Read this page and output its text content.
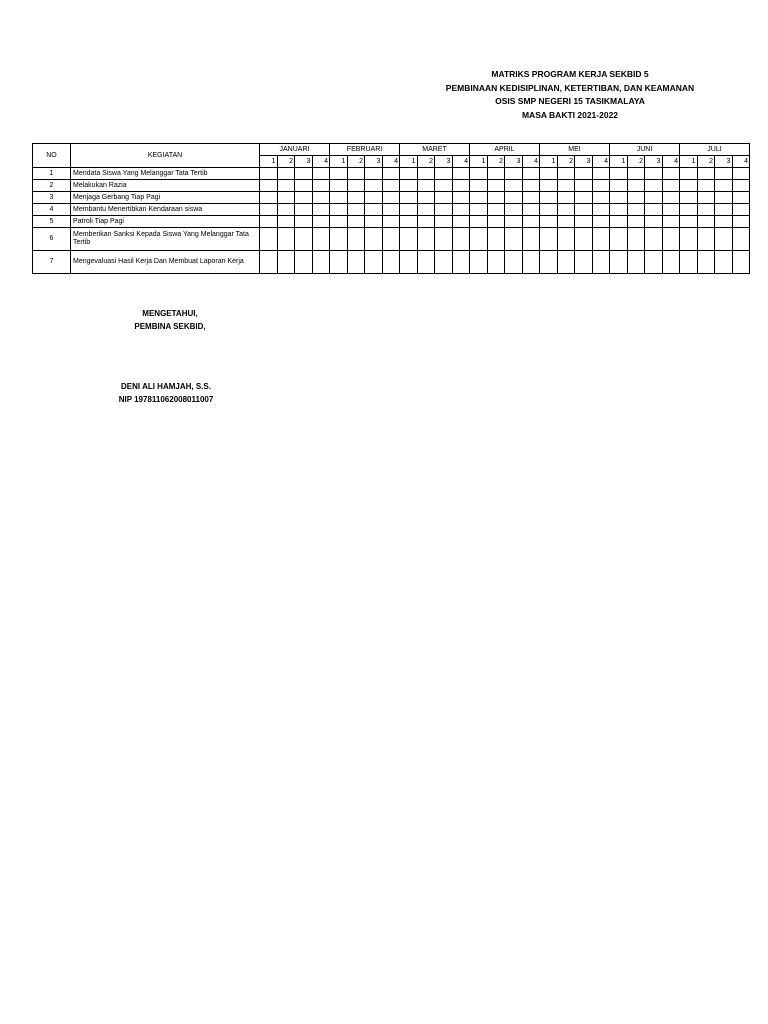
MATRIKS PROGRAM KERJA SEKBID 5
PEMBINAAN KEDISIPLINAN, KETERTIBAN, DAN KEAMANAN
OSIS SMP NEGERI 15 TASIKMALAYA
MASA BAKTI 2021-2022
NO	KEGIATAN	JANUARI				FEBRUARI				MARET				APRIL				MEI				JUNI				JULI			
		1	2	3	4	1	2	3	4	1	2	3	4	1	2	3	4	1	2	3	4	1	2	3	4	1	2	3	4
1	Mendata Siswa Yang Melanggar Tata Tertib																												
2	Melakukan Razia																												
3	Menjaga Gerbang Tiap Pagi																												
4	Membantu Menertibkan Kendaraan siswa																												
5	Patroli Tiap Pagi																												
6	Memberikan Sanksi Kepada Siswa Yang Melanggar Tata Tertib																												
7	Mengevaluasi Hasil Kerja Dan Membuat Laporan Kerja																												
MENGETAHUI,
PEMBINA SEKBID,
DENI ALI HAMJAH, S.S.
NIP 197811062008011007
